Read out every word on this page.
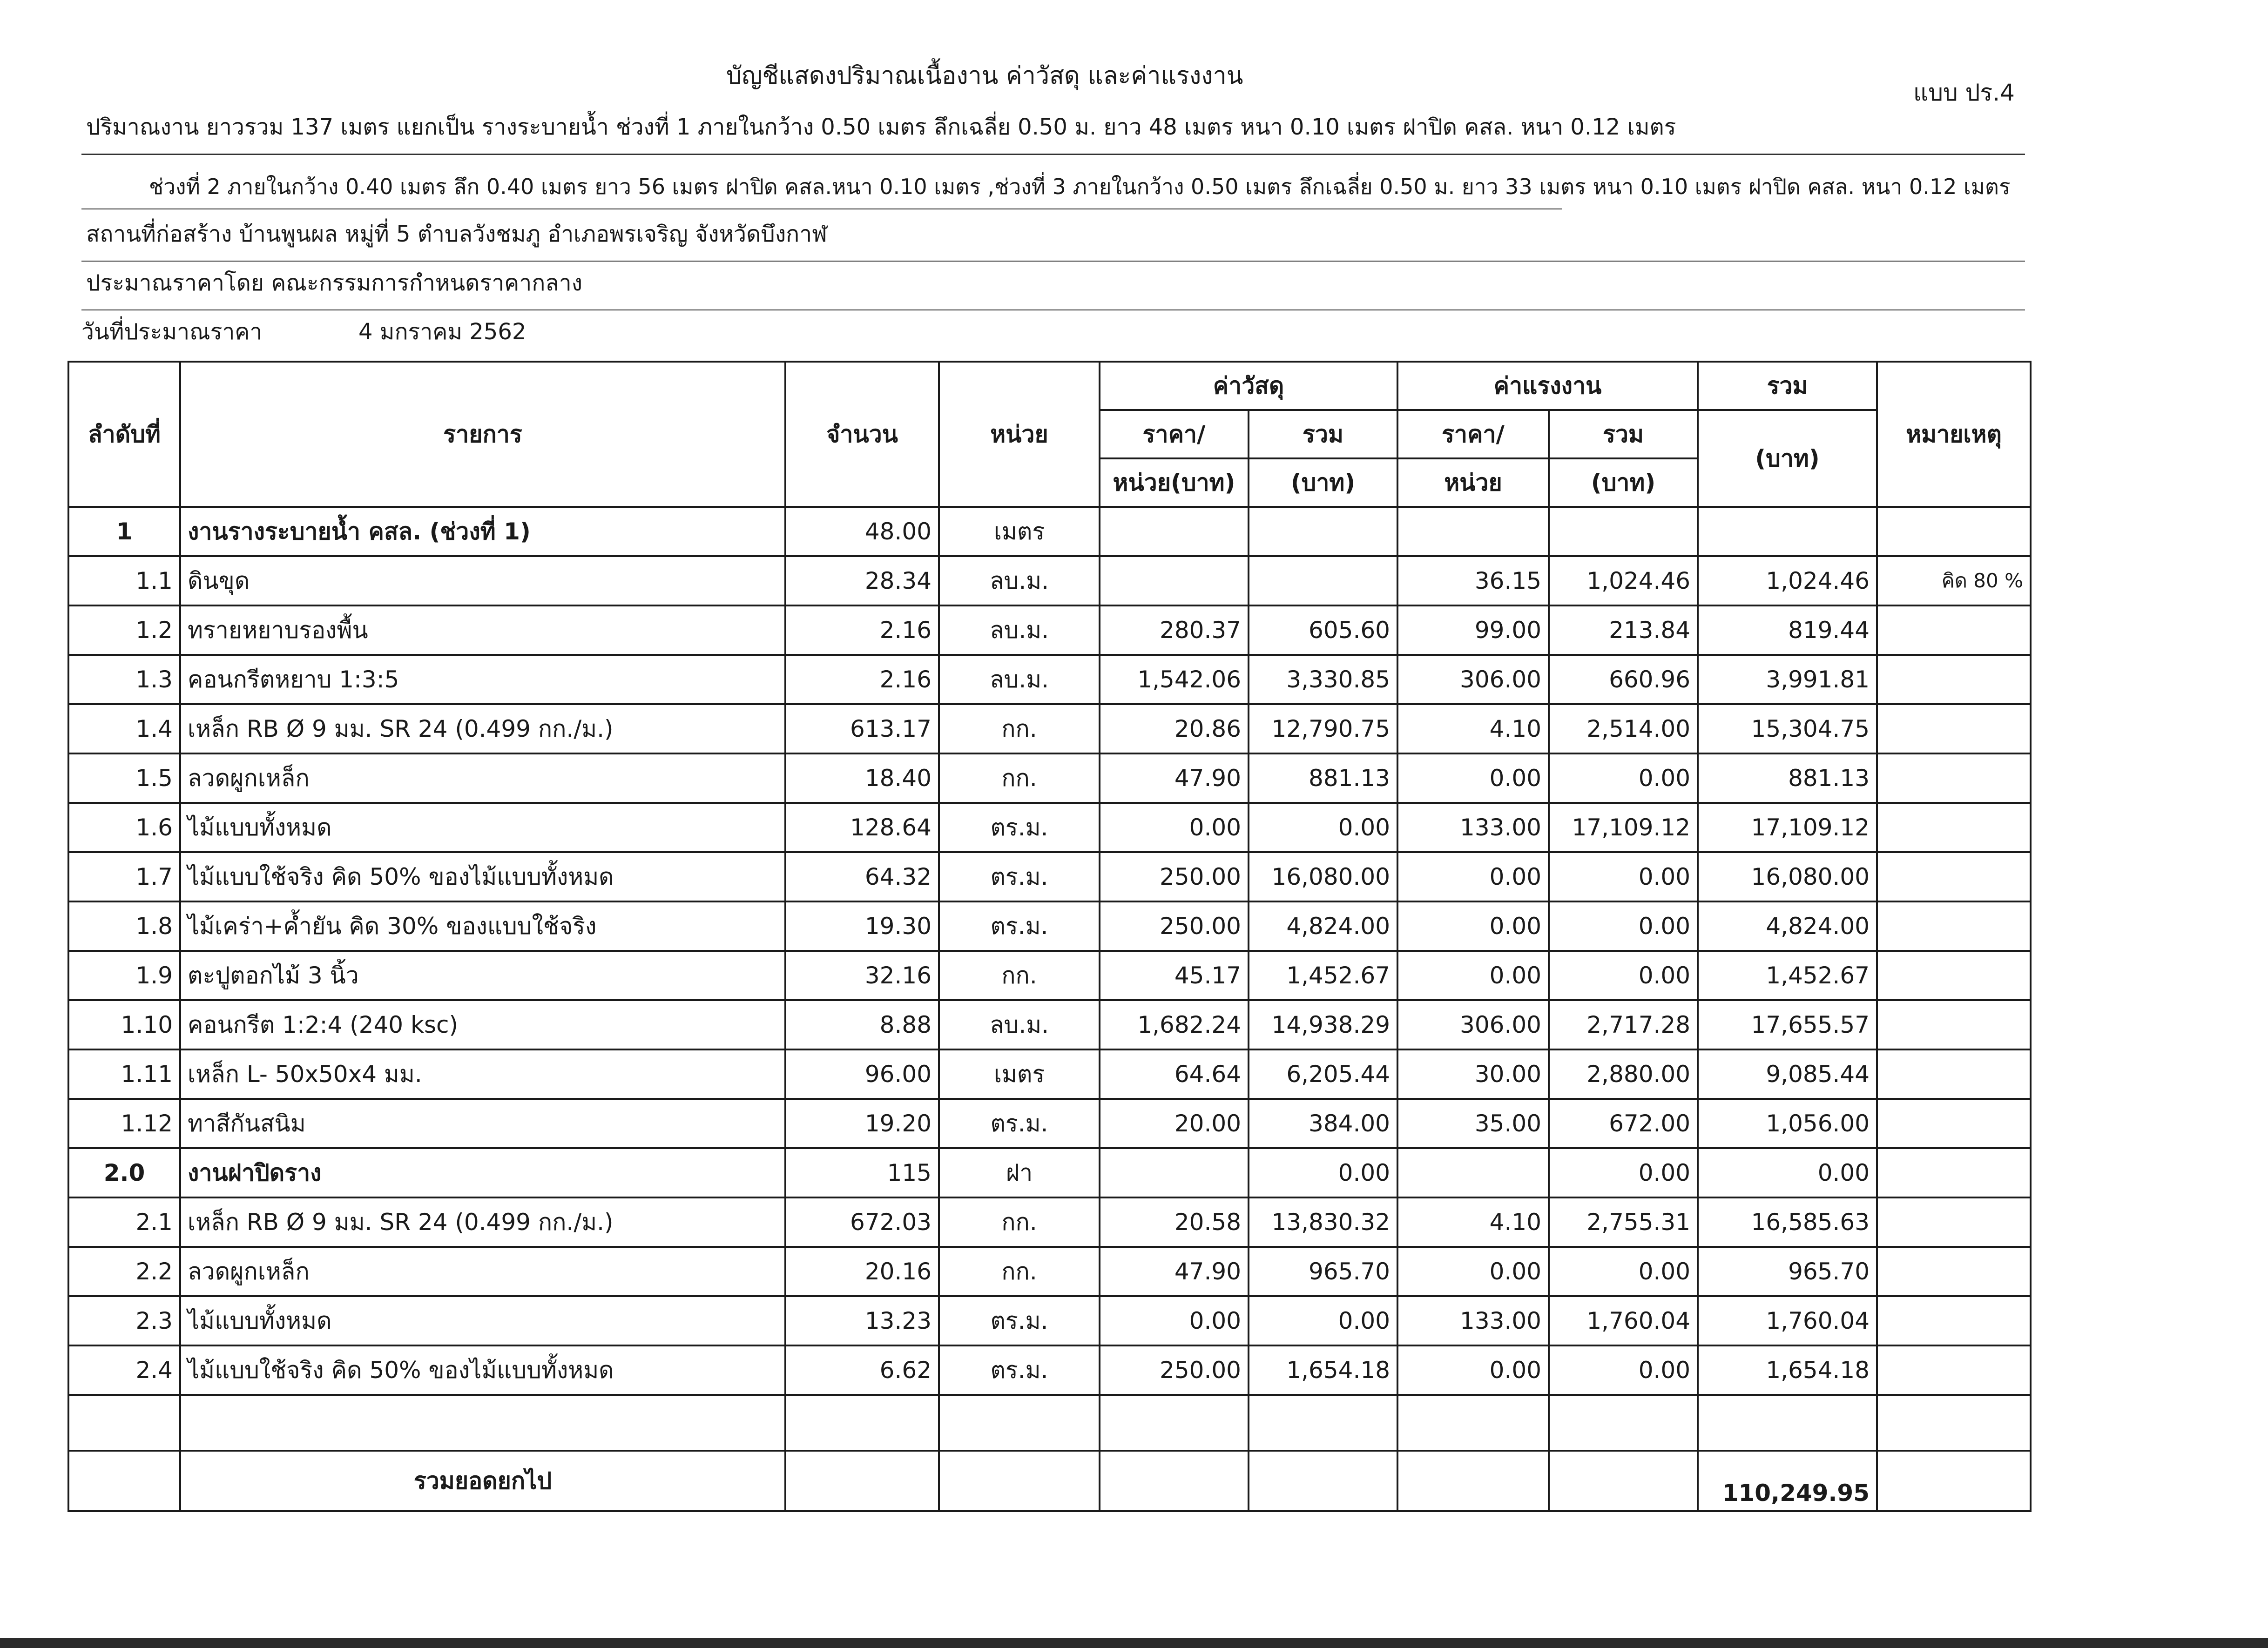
บัญชีแสดงปริมาณเนื้องาน ค่าวัสดุ และค่าแรงงาน
แบบ ปร.4
ปริมาณงาน ยาวรวม 137 เมตร แยกเป็น รางระบายน้ำ ช่วงที่ 1 ภายในกว้าง 0.50 เมตร ลึกเฉลี่ย 0.50 ม. ยาว 48 เมตร หนา 0.10 เมตร ฝาปิด คสล. หนา 0.12 เมตร
ช่วงที่ 2 ภายในกว้าง 0.40 เมตร ลึก 0.40 เมตร ยาว 56 เมตร ฝาปิด คสล.หนา 0.10 เมตร ,ช่วงที่ 3 ภายในกว้าง 0.50 เมตร ลึกเฉลี่ย 0.50 ม. ยาว 33 เมตร หนา 0.10 เมตร ฝาปิด คสล. หนา 0.12 เมตร
สถานที่ก่อสร้าง บ้านพูนผล หมู่ที่ 5 ตำบลวังชมภู อำเภอพรเจริญ จังหวัดบึงกาฬ
ประมาณราคาโดย คณะกรรมการกำหนดราคากลาง
วันที่ประมาณราคา	4 มกราคม 2562
ลำดับที่	รายการ	จำนวน	หน่วย	ค่าวัสดุ		ค่าแรงงาน		รวม	หมายเหตุ
				ราคา/	รวม	ราคา/	รวม	(บาท)	
				หน่วย(บาท)	(บาท)	หน่วย	(บาท)		
1	งานรางระบายน้ำ คสล. (ช่วงที่ 1)	48.00	เมตร						
1.1	ดินขุด	28.34	ลบ.ม.			36.15	1,024.46	1,024.46	คิด 80 %
1.2	ทรายหยาบรองพื้น	2.16	ลบ.ม.	280.37	605.60	99.00	213.84	819.44	
1.3	คอนกรีตหยาบ 1:3:5	2.16	ลบ.ม.	1,542.06	3,330.85	306.00	660.96	3,991.81	
1.4	เหล็ก RB Ø 9 มม. SR 24 (0.499 กก./ม.)	613.17	กก.	20.86	12,790.75	4.10	2,514.00	15,304.75	
1.5	ลวดผูกเหล็ก	18.40	กก.	47.90	881.13	0.00	0.00	881.13	
1.6	ไม้แบบทั้งหมด	128.64	ตร.ม.	0.00	0.00	133.00	17,109.12	17,109.12	
1.7	ไม้แบบใช้จริง คิด 50% ของไม้แบบทั้งหมด	64.32	ตร.ม.	250.00	16,080.00	0.00	0.00	16,080.00	
1.8	ไม้เคร่า+ค้ำยัน คิด 30% ของแบบใช้จริง	19.30	ตร.ม.	250.00	4,824.00	0.00	0.00	4,824.00	
1.9	ตะปูตอกไม้ 3 นิ้ว	32.16	กก.	45.17	1,452.67	0.00	0.00	1,452.67	
1.10	คอนกรีต 1:2:4 (240 ksc)	8.88	ลบ.ม.	1,682.24	14,938.29	306.00	2,717.28	17,655.57	
1.11	เหล็ก L- 50x50x4 มม.	96.00	เมตร	64.64	6,205.44	30.00	2,880.00	9,085.44	
1.12	ทาสีกันสนิม	19.20	ตร.ม.	20.00	384.00	35.00	672.00	1,056.00	
2.0	งานฝาปิดราง	115	ฝา		0.00		0.00	0.00	
2.1	เหล็ก RB Ø 9 มม. SR 24 (0.499 กก./ม.)	672.03	กก.	20.58	13,830.32	4.10	2,755.31	16,585.63	
2.2	ลวดผูกเหล็ก	20.16	กก.	47.90	965.70	0.00	0.00	965.70	
2.3	ไม้แบบทั้งหมด	13.23	ตร.ม.	0.00	0.00	133.00	1,760.04	1,760.04	
2.4	ไม้แบบใช้จริง คิด 50% ของไม้แบบทั้งหมด	6.62	ตร.ม.	250.00	1,654.18	0.00	0.00	1,654.18	

	รวมยอดยกไป							110,249.95	
